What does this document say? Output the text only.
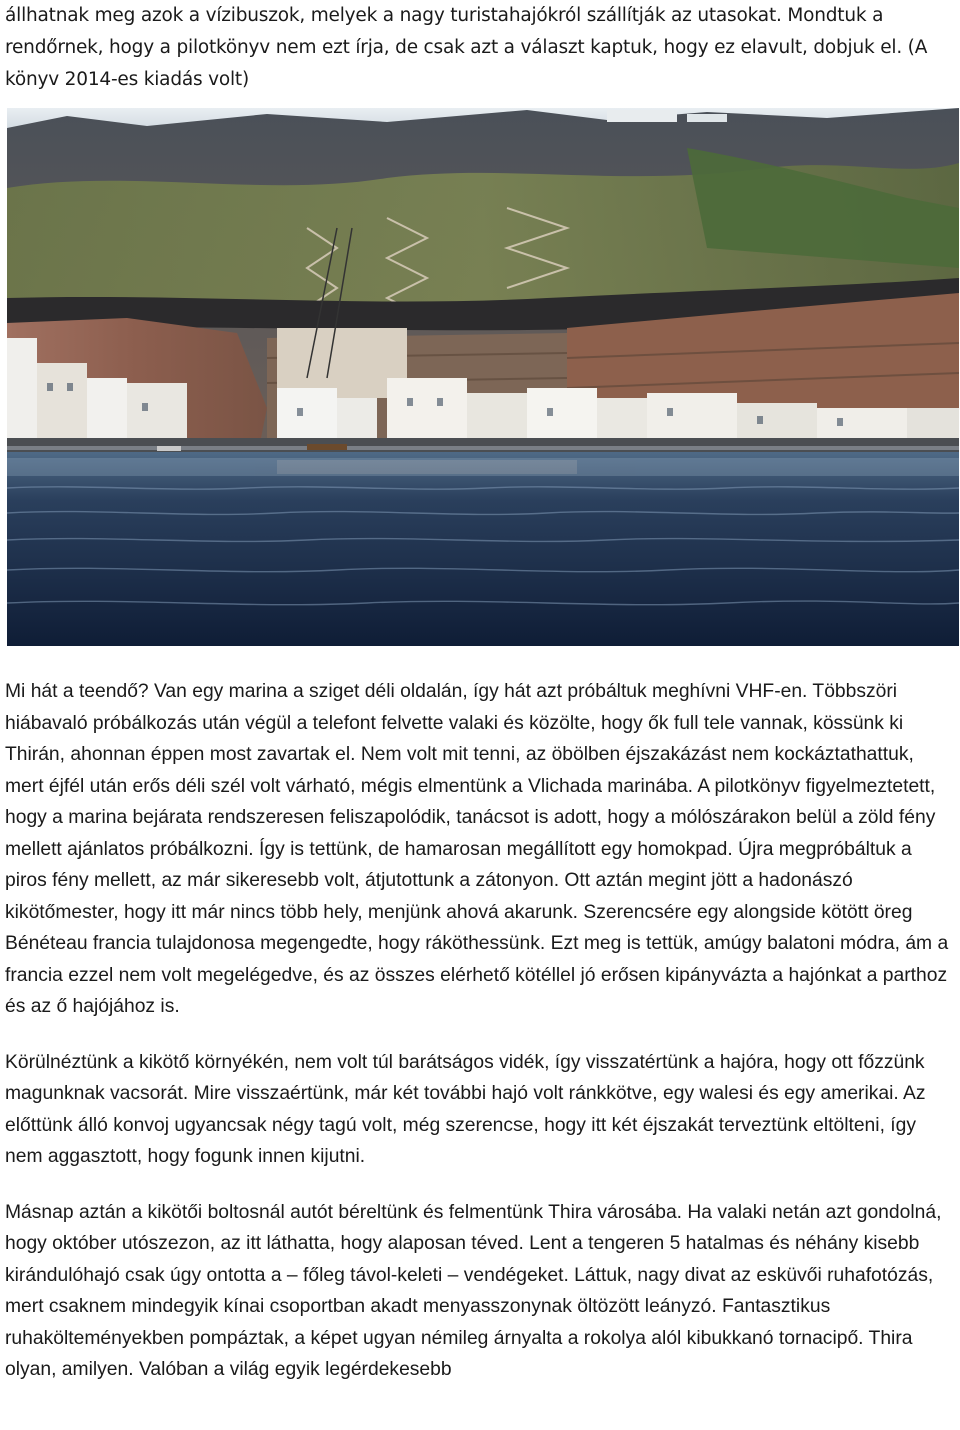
állhatnak meg azok a vízibuszok, melyek a nagy turistahajókról szállítják az utasokat. Mondtuk a rendőrnek, hogy a pilotkönyv nem ezt írja, de csak azt a választ kaptuk, hogy ez elavult, dobjuk el. (A könyv 2014-es kiadás volt)

Mi hát a teendő? Van egy marina a sziget déli oldalán, így hát azt próbáltuk meghívni VHF-en. Többszöri hiábavaló próbálkozás után végül a telefont felvette valaki és közölte, hogy ők full tele vannak, kössünk ki Thirán, ahonnan éppen most zavartak el. Nem volt mit tenni, az öbölben éjszakázást nem kockáztathattuk, mert éjfél után erős déli szél volt várható, mégis elmentünk a Vlichada marinába. A pilotkönyv figyelmeztetett, hogy a marina bejárata rendszeresen feliszapolódik, tanácsot is adott, hogy a mólószárakon belül a zöld fény mellett ajánlatos próbálkozni. Így is tettünk, de hamarosan megállított egy homokpad. Újra megpróbáltuk a piros fény mellett, az már sikeresebb volt, átjutottunk a zátonyon. Ott aztán megint jött a hadonászó kikötőmester, hogy itt már nincs több hely, menjünk ahová akarunk. Szerencsére egy alongside kötött öreg Bénéteau francia tulajdonosa megengedte, hogy ráköthessünk. Ezt meg is tettük, amúgy balatoni módra, ám a francia ezzel nem volt megelégedve, és az összes elérhető kötéllel jó erősen kipányvázta a hajónkat a parthoz és az ő hajójához is.

Körülnéztünk a kikötő környékén, nem volt túl barátságos vidék, így visszatértünk a hajóra, hogy ott főzzünk magunknak vacsorát. Mire visszaértünk, már két további hajó volt ránkkötve, egy walesi és egy amerikai. Az előttünk álló konvoj ugyancsak négy tagú volt, még szerencse, hogy itt két éjszakát terveztünk eltölteni, így nem aggasztott, hogy fogunk innen kijutni.

Másnap aztán a kikötői boltosnál autót béreltünk és felmentünk Thira városába. Ha valaki netán azt gondolná, hogy október utószezon, az itt láthatta, hogy alaposan téved. Lent a tengeren 5 hatalmas és néhány kisebb kirándulóhajó csak úgy ontotta a – főleg távol-keleti – vendégeket. Láttuk, nagy divat az esküvői ruhafotózás, mert csaknem mindegyik kínai csoportban akadt menyasszonynak öltözött leányzó. Fantasztikus ruhakölteményekben pompáztak, a képet ugyan némileg árnyalta a rokolya alól kibukkanó tornacipő. Thira olyan, amilyen. Valóban a világ egyik legérdekesebb
